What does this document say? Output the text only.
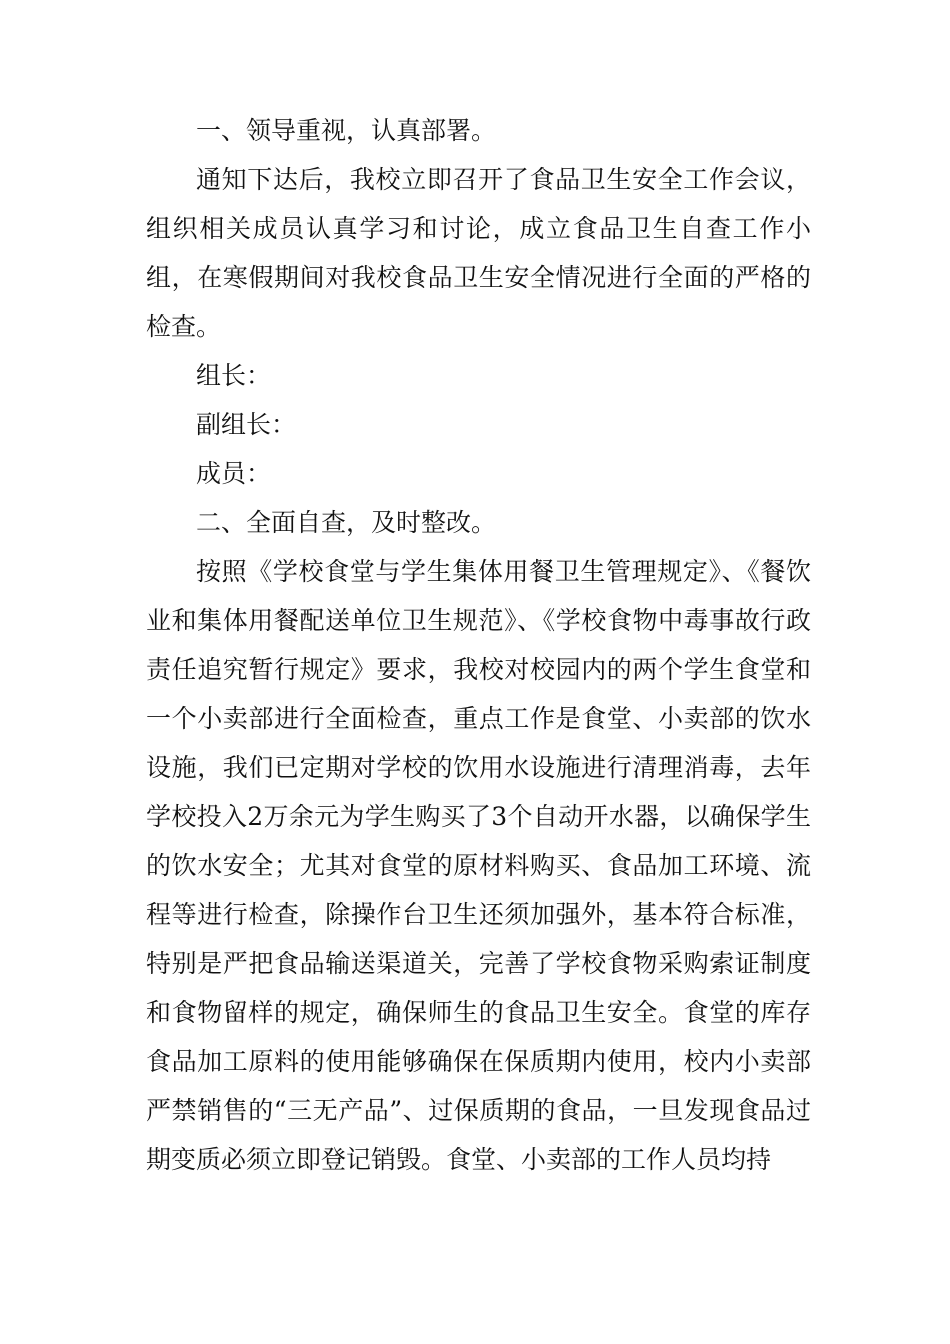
一、领导重视，认真部署。

通知下达后，我校立即召开了食品卫生安全工作会议，组织相关成员认真学习和讨论，成立食品卫生自查工作小组，在寒假期间对我校食品卫生安全情况进行全面的严格的检查。

组长：

副组长：

成员：

二、全面自查，及时整改。

按照《学校食堂与学生集体用餐卫生管理规定》、《餐饮业和集体用餐配送单位卫生规范》、《学校食物中毒事故行政责任追究暂行规定》要求，我校对校园内的两个学生食堂和一个小卖部进行全面检查，重点工作是食堂、小卖部的饮水设施，我们已定期对学校的饮用水设施进行清理消毒，去年学校投入2万余元为学生购买了3个自动开水器，以确保学生的饮水安全；尤其对食堂的原材料购买、食品加工环境、流程等进行检查，除操作台卫生还须加强外，基本符合标准，特别是严把食品输送渠道关，完善了学校食物采购索证制度和食物留样的规定，确保师生的食品卫生安全。食堂的库存食品加工原料的使用能够确保在保质期内使用，校内小卖部严禁销售的“三无产品”、过保质期的食品，一旦发现食品过期变质必须立即登记销毁。食堂、小卖部的工作人员均持
